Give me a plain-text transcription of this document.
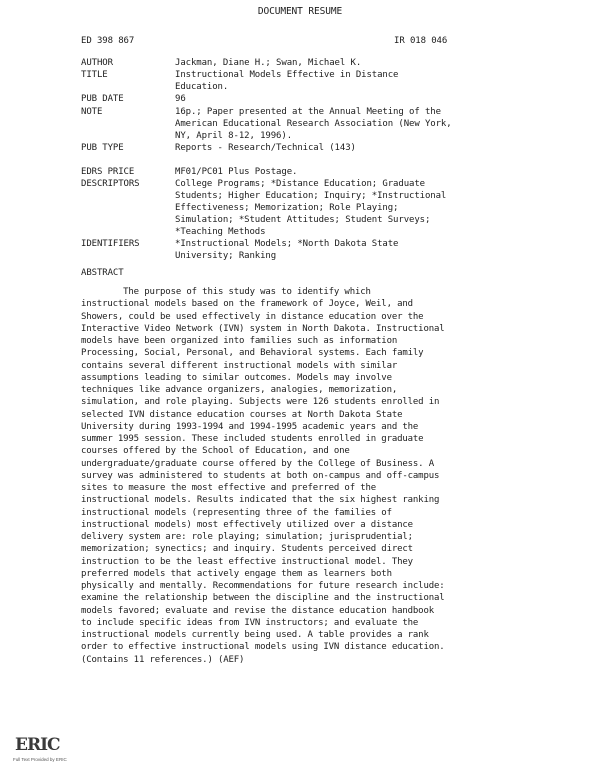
DOCUMENT RESUME
ED 398 867	IR 018 046
AUTHOR	Jackman, Diane H.; Swan, Michael K.
TITLE	Instructional Models Effective in Distance
Education.
PUB DATE	96
NOTE	16p.; Paper presented at the Annual Meeting of the
American Educational Research Association (New York,
NY, April 8-12, 1996).
PUB TYPE	Reports - Research/Technical (143)
EDRS PRICE	MF01/PC01 Plus Postage.
DESCRIPTORS	College Programs; *Distance Education; Graduate
Students; Higher Education; Inquiry; *Instructional
Effectiveness; Memorization; Role Playing;
Simulation; *Student Attitudes; Student Surveys;
*Teaching Methods
IDENTIFIERS	*Instructional Models; *North Dakota State
University; Ranking
ABSTRACT
The purpose of this study was to identify which
instructional models based on the framework of Joyce, Weil, and
Showers, could be used effectively in distance education over the
Interactive Video Network (IVN) system in North Dakota. Instructional
models have been organized into families such as information
Processing, Social, Personal, and Behavioral systems. Each family
contains several different instructional models with similar
assumptions leading to similar outcomes. Models may involve
techniques like advance organizers, analogies, memorization,
simulation, and role playing. Subjects were 126 students enrolled in
selected IVN distance education courses at North Dakota State
University during 1993-1994 and 1994-1995 academic years and the
summer 1995 session. These included students enrolled in graduate
courses offered by the School of Education, and one
undergraduate/graduate course offered by the College of Business. A
survey was administered to students at both on-campus and off-campus
sites to measure the most effective and preferred of the
instructional models. Results indicated that the six highest ranking
instructional models (representing three of the families of
instructional models) most effectively utilized over a distance
delivery system are: role playing; simulation; jurisprudential;
memorization; synectics; and inquiry. Students perceived direct
instruction to be the least effective instructional model. They
preferred models that actively engage them as learners both
physically and mentally. Recommendations for future research include:
examine the relationship between the discipline and the instructional
models favored; evaluate and revise the distance education handbook
to include specific ideas from IVN instructors; and evaluate the
instructional models currently being used. A table provides a rank
order to effective instructional models using IVN distance education.
(Contains 11 references.) (AEF)
ERIC
Full Text Provided by ERIC
